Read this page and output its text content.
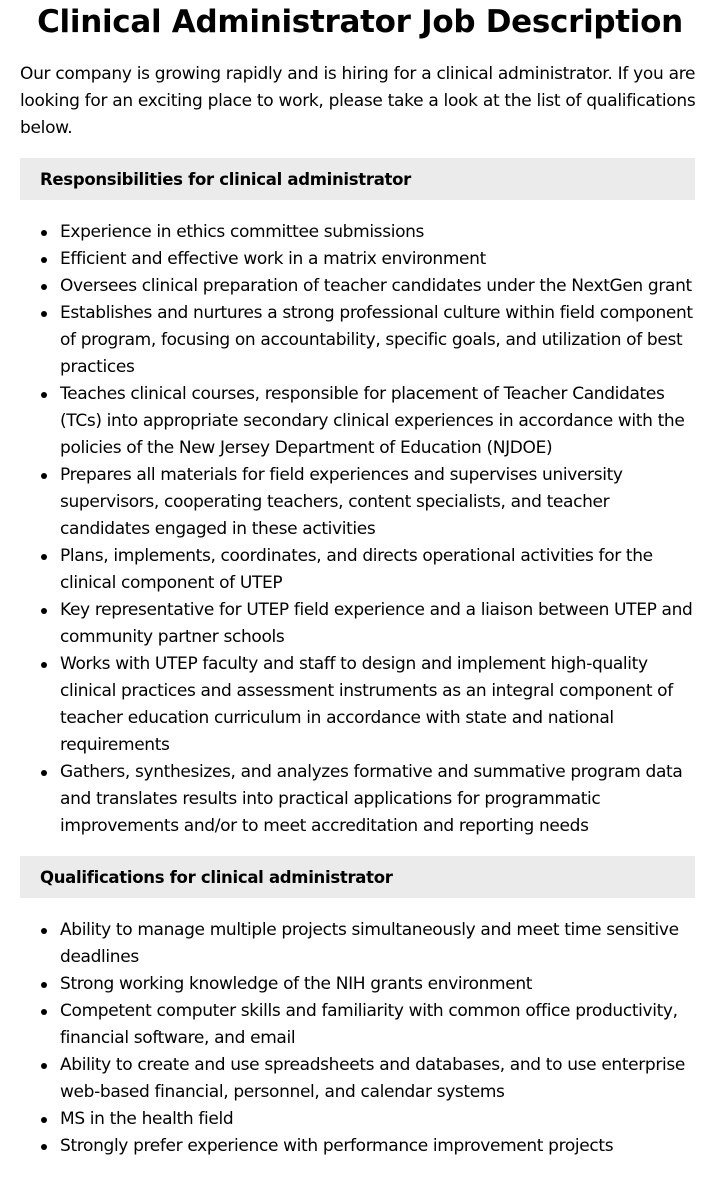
Clinical Administrator Job Description

Our company is growing rapidly and is hiring for a clinical administrator. If you are looking for an exciting place to work, please take a look at the list of qualifications below.

Responsibilities for clinical administrator
Experience in ethics committee submissions
Efficient and effective work in a matrix environment
Oversees clinical preparation of teacher candidates under the NextGen grant
Establishes and nurtures a strong professional culture within field component of program, focusing on accountability, specific goals, and utilization of best practices
Teaches clinical courses, responsible for placement of Teacher Candidates (TCs) into appropriate secondary clinical experiences in accordance with the policies of the New Jersey Department of Education (NJDOE)
Prepares all materials for field experiences and supervises university supervisors, cooperating teachers, content specialists, and teacher candidates engaged in these activities
Plans, implements, coordinates, and directs operational activities for the clinical component of UTEP
Key representative for UTEP field experience and a liaison between UTEP and community partner schools
Works with UTEP faculty and staff to design and implement high-quality clinical practices and assessment instruments as an integral component of teacher education curriculum in accordance with state and national requirements
Gathers, synthesizes, and analyzes formative and summative program data and translates results into practical applications for programmatic improvements and/or to meet accreditation and reporting needs
Qualifications for clinical administrator
Ability to manage multiple projects simultaneously and meet time sensitive deadlines
Strong working knowledge of the NIH grants environment
Competent computer skills and familiarity with common office productivity, financial software, and email
Ability to create and use spreadsheets and databases, and to use enterprise web-based financial, personnel, and calendar systems
MS in the health field
Strongly prefer experience with performance improvement projects
